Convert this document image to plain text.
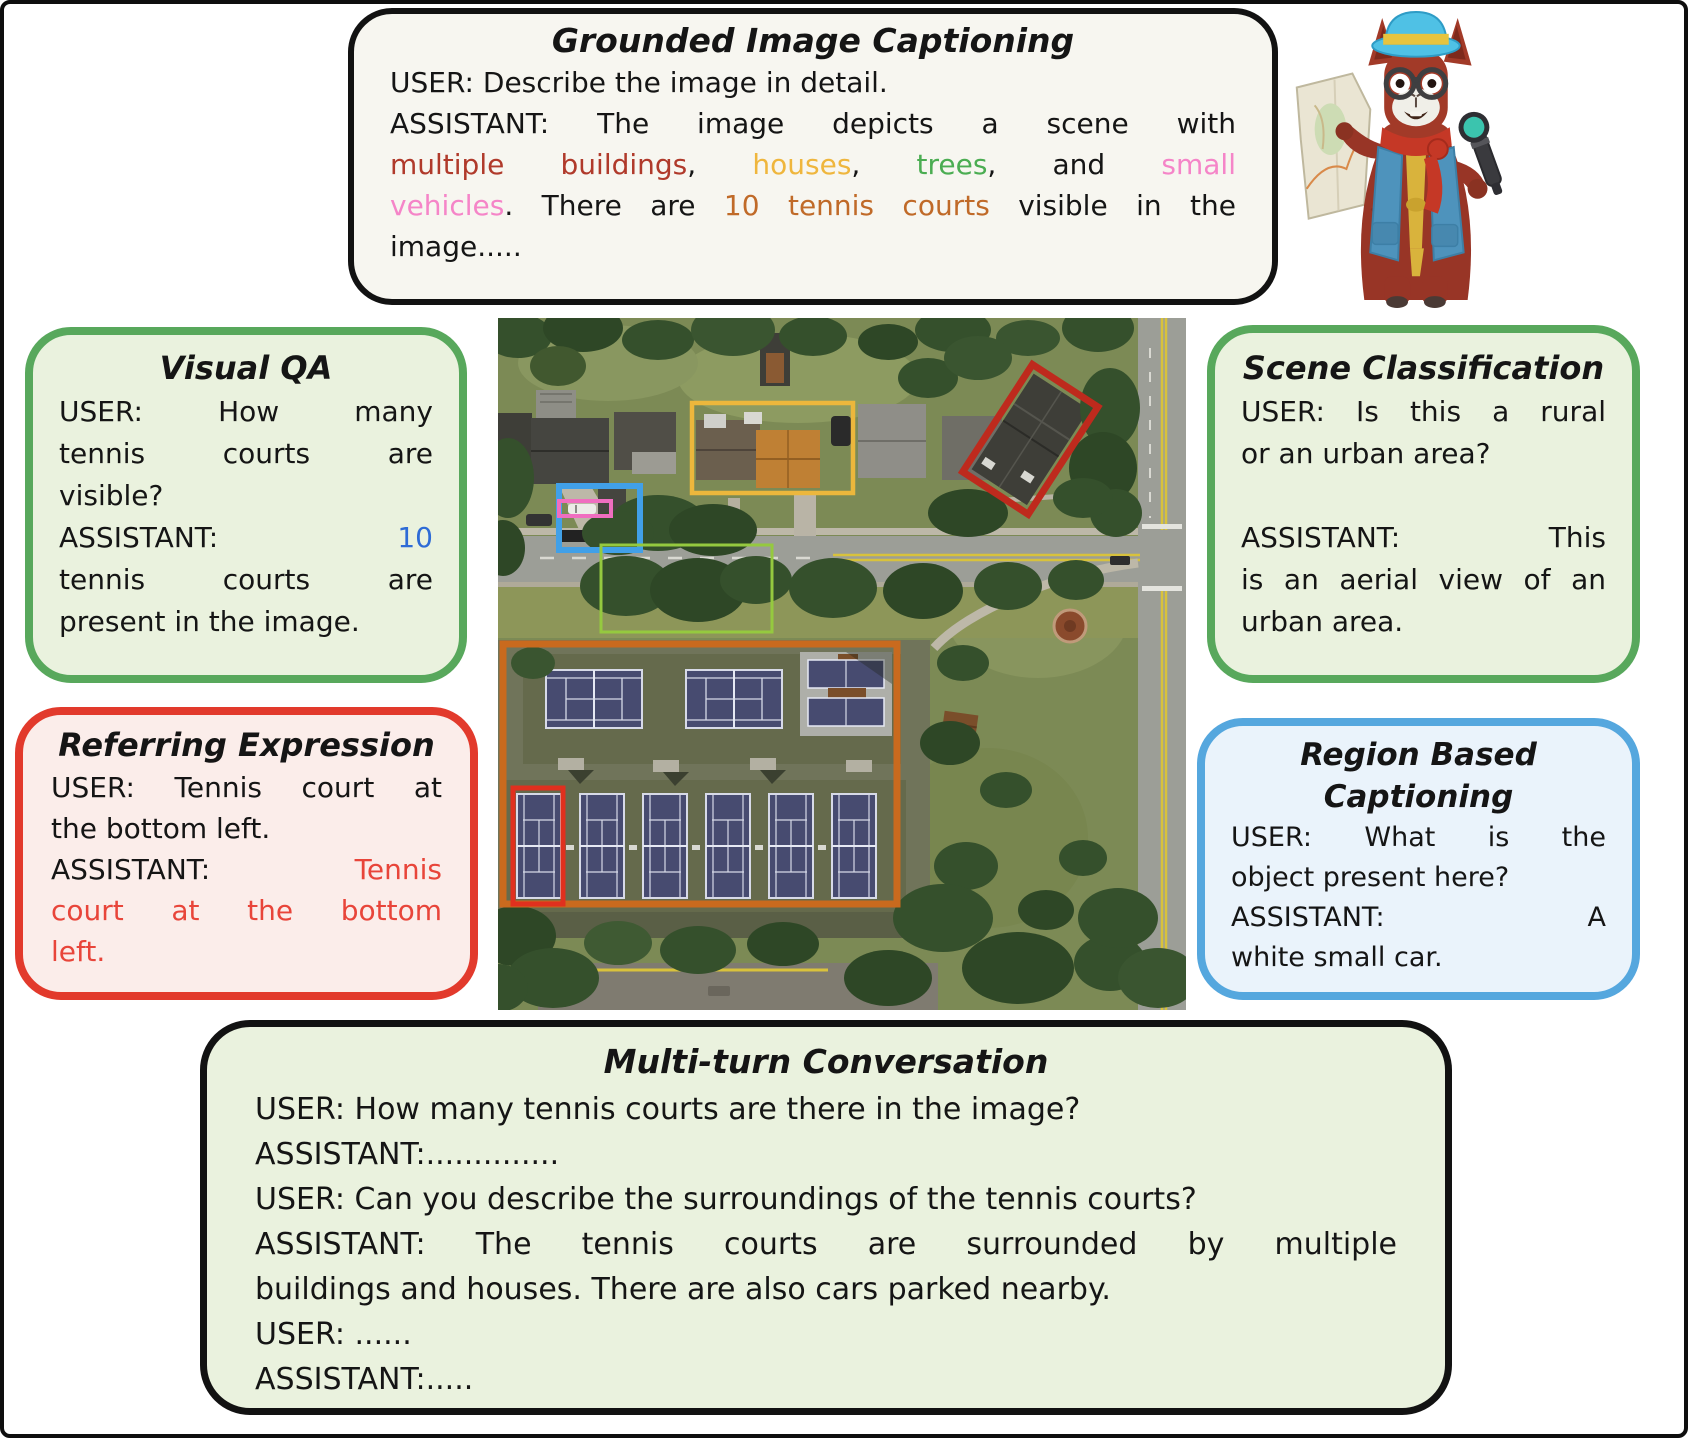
Grounded Image Captioning
USER: Describe the image in detail.
ASSISTANT: The image depicts a scene with
multiple buildings, houses, trees, and small
vehicles. There are 10 tennis courts visible in the
image.....
Visual QA
USER: How many
tennis courts are
visible?
ASSISTANT: 10
tennis courts are
present in the image.
Referring Expression
USER: Tennis court at
the bottom left.
ASSISTANT: Tennis
court at the bottom
left.
Scene Classification
USER: Is this a rural
or an urban area?

ASSISTANT: This
is an aerial view of an
urban area.
Region Based Captioning
USER: What is the
object present here?
ASSISTANT: A
white small car.
Multi-turn Conversation
USER: How many tennis courts are there in the image?
ASSISTANT:..............
USER: Can you describe the surroundings of the tennis courts?
ASSISTANT: The tennis courts are surrounded by multiple
buildings and houses. There are also cars parked nearby.
USER: ......
ASSISTANT:.....
